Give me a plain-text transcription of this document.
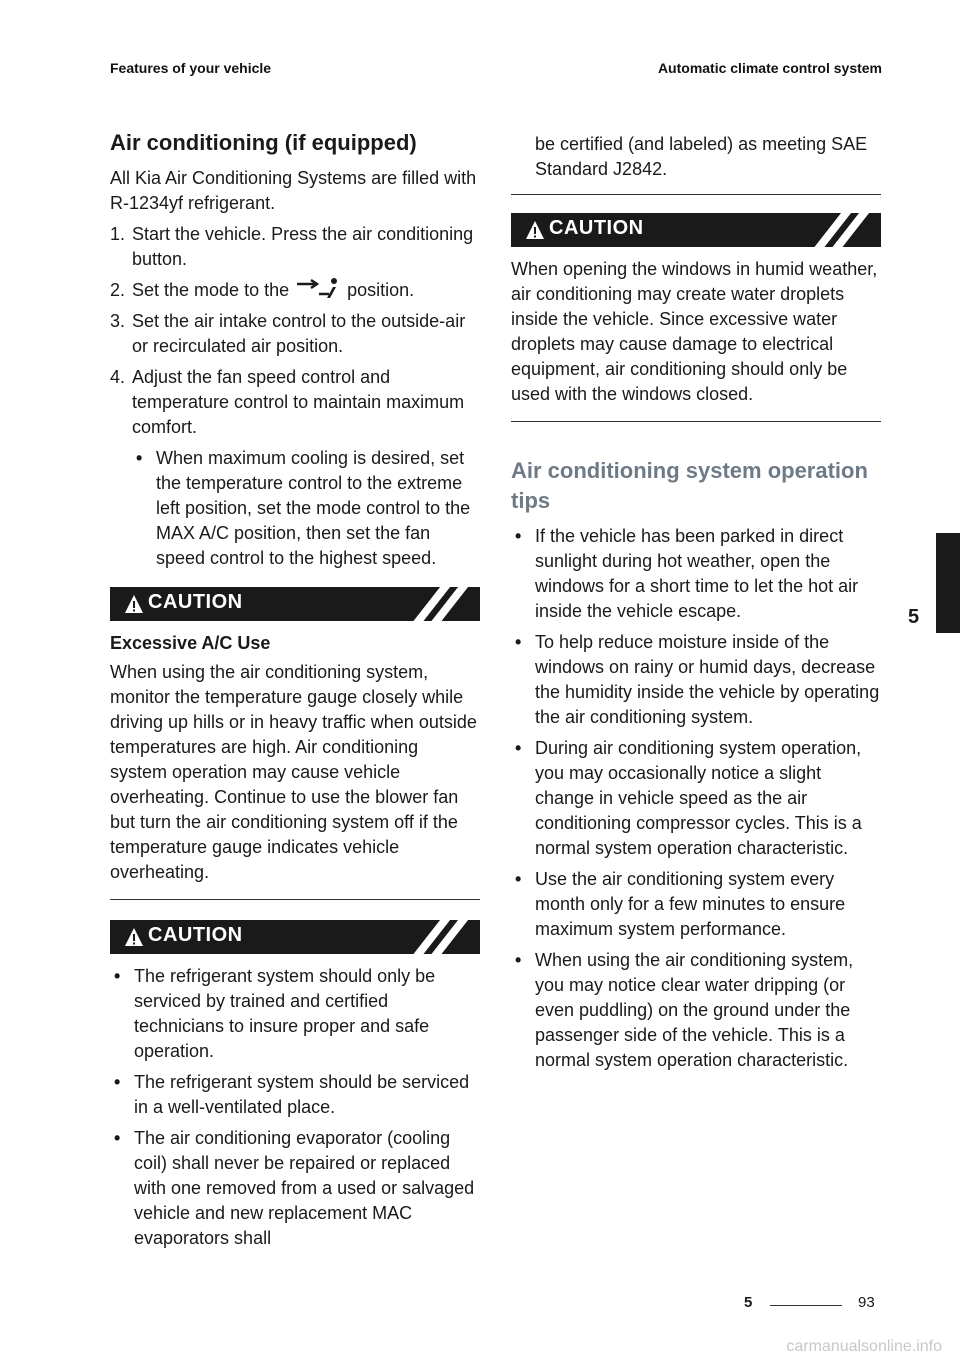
Features of your vehicle	Automatic climate control system
Air conditioning (if equipped)

All Kia Air Conditioning Systems are filled with R-1234yf refrigerant.

1. Start the vehicle. Press the air conditioning button.
2. Set the mode to the	position.
3. Set the air intake control to the outside-air or recirculated air position.
4. Adjust the fan speed control and temperature control to maintain maximum comfort.
• When maximum cooling is desired, set the temperature control to the extreme left position, set the mode control to the MAX A/C position, then set the fan speed control to the highest speed.
CAUTION
Excessive A/C Use

When using the air conditioning system, monitor the temperature gauge closely while driving up hills or in heavy traffic when outside temperatures are high. Air conditioning system operation may cause vehicle overheating. Continue to use the blower fan but turn the air conditioning system off if the temperature gauge indicates vehicle overheating.

CAUTION
• The refrigerant system should only be serviced by trained and certified technicians to insure proper and safe operation.
• The refrigerant system should be serviced in a well-ventilated place.
• The air conditioning evaporator (cooling coil) shall never be repaired or replaced with one removed from a used or salvaged vehicle and new replacement MAC evaporators shall

be certified (and labeled) as meeting SAE Standard J2842.

CAUTION

When opening the windows in humid weather, air conditioning may create water droplets inside the vehicle. Since excessive water droplets may cause damage to electrical equipment, air conditioning should only be used with the windows closed.

Air conditioning system operation tips
• If the vehicle has been parked in direct sunlight during hot weather, open the windows for a short time to let the hot air inside the vehicle escape.
• To help reduce moisture inside of the windows on rainy or humid days, decrease the humidity inside the vehicle by operating the air conditioning system.
• During air conditioning system operation, you may occasionally notice a slight change in vehicle speed as the air conditioning compressor cycles. This is a normal system operation characteristic.
• Use the air conditioning system every month only for a few minutes to ensure maximum system performance.
• When using the air conditioning system, you may notice clear water dripping (or even puddling) on the ground under the passenger side of the vehicle. This is a normal system operation characteristic.
5
5	93
carmanualsonline.info
